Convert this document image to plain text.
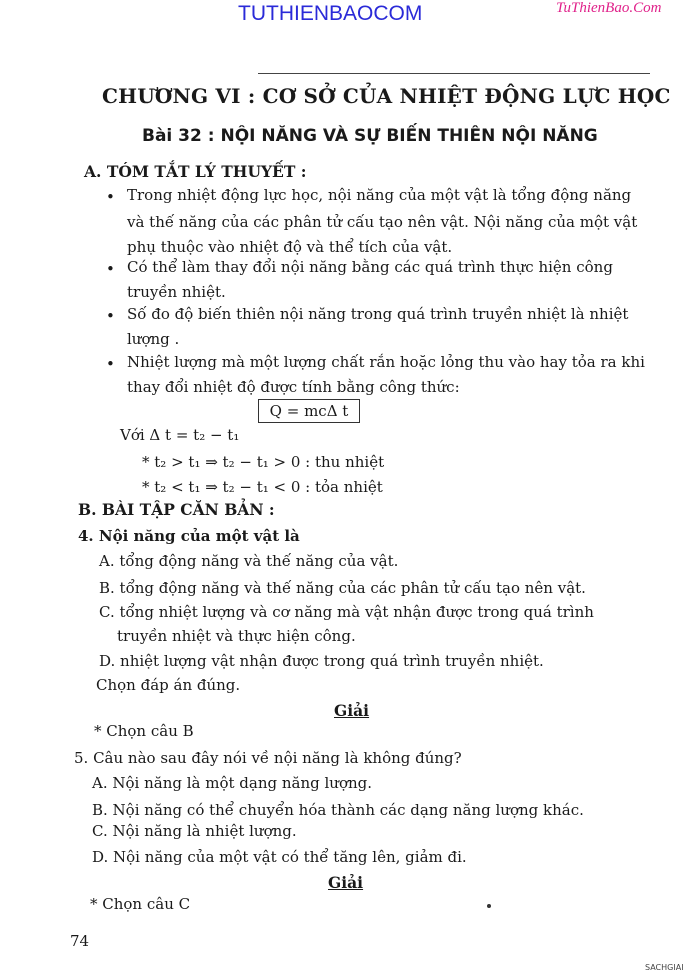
TUTHIENBAOCOM	TuThienBao.Com
CHƯƠNG VI : CƠ SỞ CỦA NHIỆT ĐỘNG LỰC HỌC
Bài 32 : NỘI NĂNG VÀ SỰ BIẾN THIÊN NỘI NĂNG
A. TÓM TẮT LÝ THUYẾT :
• Trong nhiệt động lực học, nội năng của một vật là tổng động năng
và thế năng của các phân tử cấu tạo nên vật. Nội năng của một vật
phụ thuộc vào nhiệt độ và thể tích của vật.
• Có thể làm thay đổi nội năng bằng các quá trình thực hiện công
truyền nhiệt.
• Số đo độ biến thiên nội năng trong quá trình truyền nhiệt là nhiệt
lượng .
• Nhiệt lượng mà một lượng chất rắn hoặc lỏng thu vào hay tỏa ra khi
thay đổi nhiệt độ được tính bằng công thức:
Q = mcΔ t
Với Δ t = t₂ − t₁
* t₂ > t₁ ⇒ t₂ − t₁ > 0 : thu nhiệt
* t₂ < t₁ ⇒ t₂ − t₁ < 0 : tỏa nhiệt
B. BÀI TẬP CĂN BẢN :
4. Nội năng của một vật là
A. tổng động năng và thế năng của vật.
B. tổng động năng và thế năng của các phân tử cấu tạo nên vật.
C. tổng nhiệt lượng và cơ năng mà vật nhận được trong quá trình
truyền nhiệt và thực hiện công.
D. nhiệt lượng vật nhận được trong quá trình truyền nhiệt.
Chọn đáp án đúng.
Giải
* Chọn câu B
5. Câu nào sau đây nói về nội năng là không đúng?
A. Nội năng là một dạng năng lượng.
B. Nội năng có thể chuyển hóa thành các dạng năng lượng khác.
C. Nội năng là nhiệt lượng.
D. Nội năng của một vật có thể tăng lên, giảm đi.
Giải
* Chọn câu C
74
SACHGIAI
